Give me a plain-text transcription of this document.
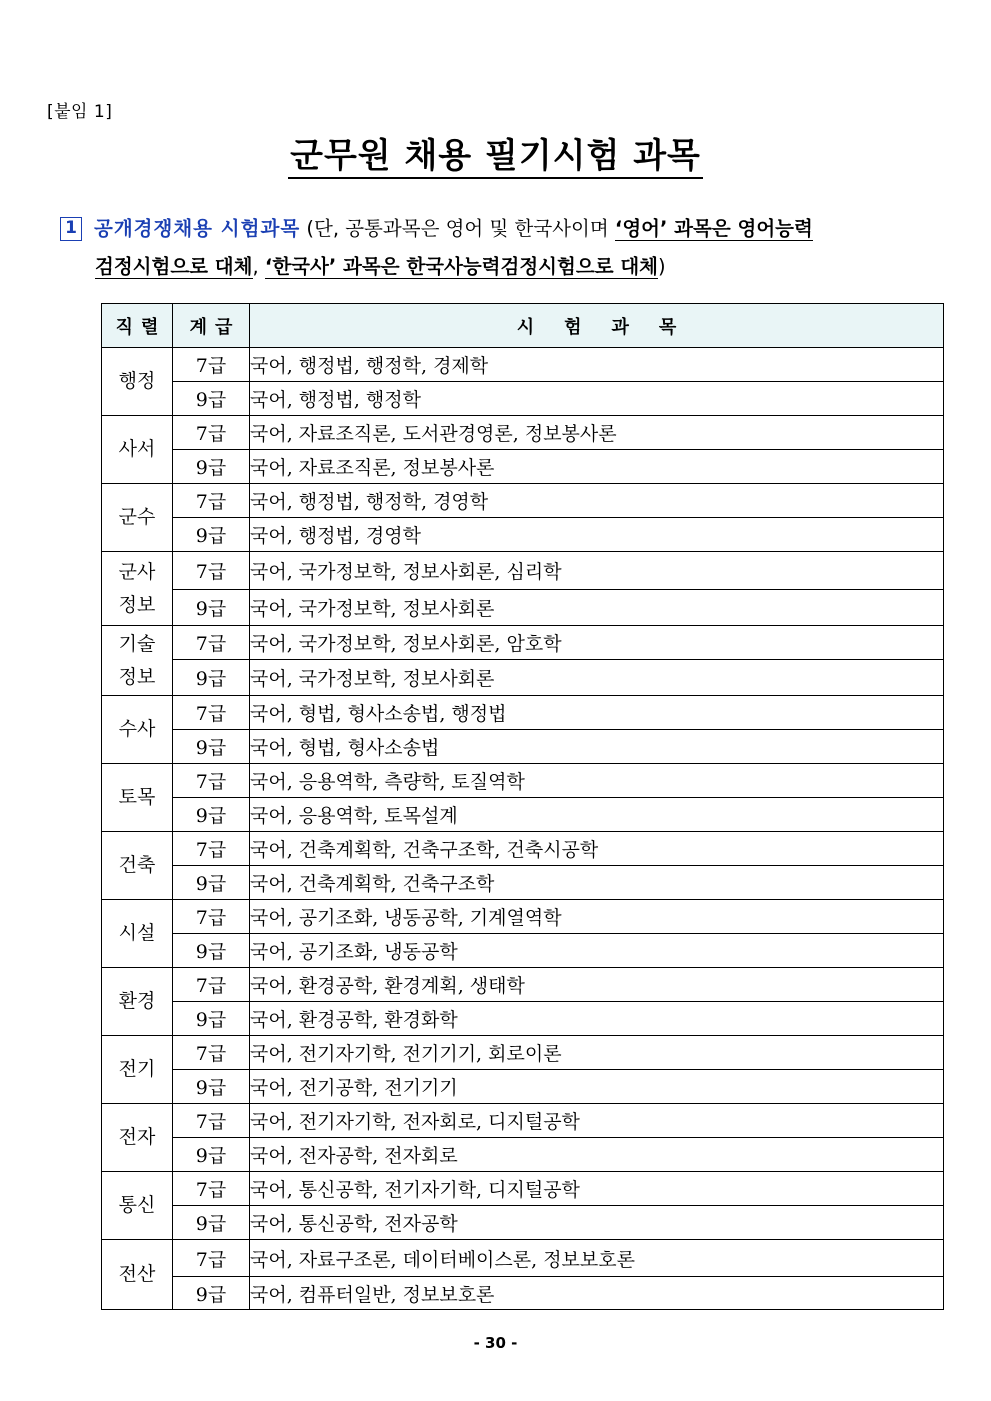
[붙임 1]
군무원 채용 필기시험 과목
1 공개경쟁채용 시험과목 (단, 공통과목은 영어 및 한국사이며 ‘영어’ 과목은 영어능력
검정시험으로 대체, ‘한국사’ 과목은 한국사능력검정시험으로 대체)
직렬	계급	시험과목
행정	7급	국어, 행정법, 행정학, 경제학
	9급	국어, 행정법, 행정학
사서	7급	국어, 자료조직론, 도서관경영론, 정보봉사론
	9급	국어, 자료조직론, 정보봉사론
군수	7급	국어, 행정법, 행정학, 경영학
	9급	국어, 행정법, 경영학
군사정보	7급	국어, 국가정보학, 정보사회론, 심리학
	9급	국어, 국가정보학, 정보사회론
기술정보	7급	국어, 국가정보학, 정보사회론, 암호학
	9급	국어, 국가정보학, 정보사회론
수사	7급	국어, 형법, 형사소송법, 행정법
	9급	국어, 형법, 형사소송법
토목	7급	국어, 응용역학, 측량학, 토질역학
	9급	국어, 응용역학, 토목설계
건축	7급	국어, 건축계획학, 건축구조학, 건축시공학
	9급	국어, 건축계획학, 건축구조학
시설	7급	국어, 공기조화, 냉동공학, 기계열역학
	9급	국어, 공기조화, 냉동공학
환경	7급	국어, 환경공학, 환경계획, 생태학
	9급	국어, 환경공학, 환경화학
전기	7급	국어, 전기자기학, 전기기기, 회로이론
	9급	국어, 전기공학, 전기기기
전자	7급	국어, 전기자기학, 전자회로, 디지털공학
	9급	국어, 전자공학, 전자회로
통신	7급	국어, 통신공학, 전기자기학, 디지털공학
	9급	국어, 통신공학, 전자공학
전산	7급	국어, 자료구조론, 데이터베이스론, 정보보호론
	9급	국어, 컴퓨터일반, 정보보호론
- 30 -
